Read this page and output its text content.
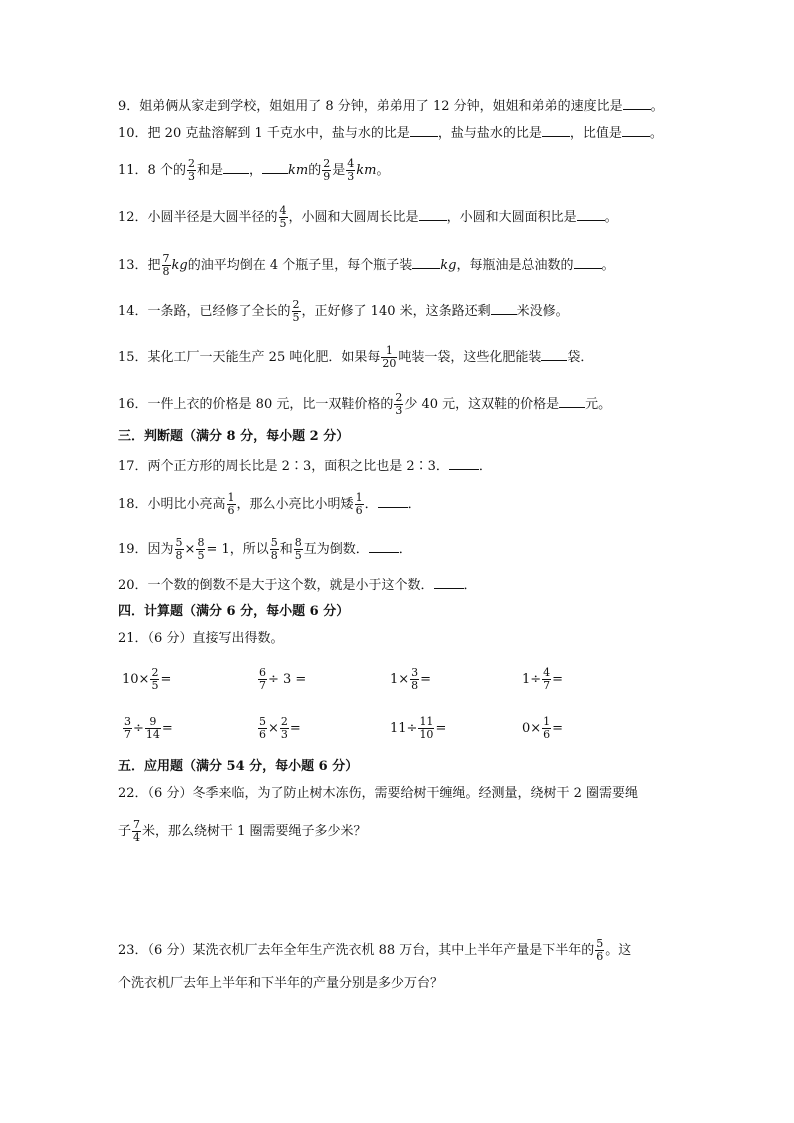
9．姐弟俩从家走到学校，姐姐用了 8 分钟，弟弟用了 12 分钟，姐姐和弟弟的速度比是 。
10．把 20 克盐溶解到 1 千克水中，盐与水的比是 ，盐与盐水的比是 ，比值是 。
11．8 个的 $\frac{2}{3}$ 和是 ， km的 $\frac{2}{9}$ 是 $\frac{4}{3}$ km。
12．小圆半径是大圆半径的 $\frac{4}{5}$ ，小圆和大圆周长比是 ，小圆和大圆面积比是 。
13．把 $\frac{7}{8}$ kg的油平均倒在 4 个瓶子里，每个瓶子装 kg，每瓶油是总油数的 。
14．一条路，已经修了全长的 $\frac{2}{5}$ ，正好修了 140 米，这条路还剩 米没修。
15．某化工厂一天能生产 25 吨化肥．如果每 $\frac{1}{20}$ 吨装一袋，这些化肥能装 袋．
16．一件上衣的价格是 80 元，比一双鞋价格的 $\frac{2}{3}$ 少 40 元，这双鞋的价格是 元。
三．判断题（满分 8 分，每小题 2 分）
17．两个正方形的周长比是 2∶3，面积之比也是 2∶3． ．
18．小明比小亮高 $\frac{1}{6}$ ，那么小亮比小明矮 $\frac{1}{6}$ ． ．
19．因为 $\frac{5}{8} \times \frac{8}{5} = 1$，所以 $\frac{5}{8}$ 和 $\frac{8}{5}$ 互为倒数． ．
20．一个数的倒数不是大于这个数，就是小于这个数． ．
四．计算题（满分 6 分，每小题 6 分）
21．（6 分）直接写出得数。
$10\times \frac{2}{5}$ =	$\frac{6}{7} \div 3$ =	$1\times \frac{3}{8}$ =	$1\div \frac{4}{7}$ =
$\frac{3}{7} \div \frac{9}{14}$ =	$\frac{5}{6} \times \frac{2}{3}$ =	$11\div \frac{11}{10}$ =	$0\times \frac{1}{6}$ =
五．应用题（满分 54 分，每小题 6 分）
22．（6 分）冬季来临，为了防止树木冻伤，需要给树干缠绳。经测量，绕树干 2 圈需要绳
子 $\frac{7}{4}$ 米，那么绕树干 1 圈需要绳子多少米？
23．（6 分）某洗衣机厂去年全年生产洗衣机 88 万台，其中上半年产量是下半年的 $\frac{5}{6}$ 。这
个洗衣机厂去年上半年和下半年的产量分别是多少万台？
